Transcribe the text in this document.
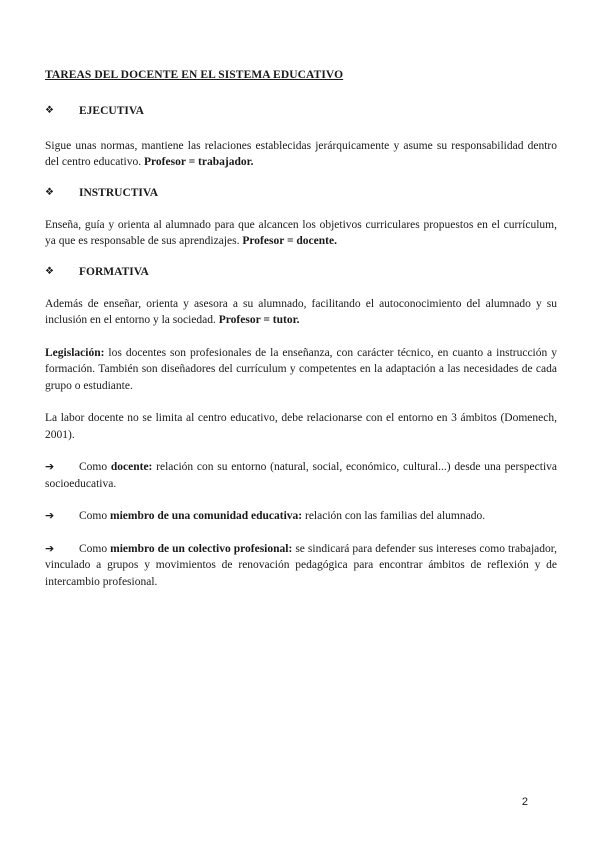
TAREAS DEL DOCENTE EN EL SISTEMA EDUCATIVO

❖	EJECUTIVA

Sigue unas normas, mantiene las relaciones establecidas jerárquicamente y asume su responsabilidad dentro del centro educativo. Profesor = trabajador.

❖	INSTRUCTIVA

Enseña, guía y orienta al alumnado para que alcancen los objetivos curriculares propuestos en el currículum, ya que es responsable de sus aprendizajes. Profesor = docente.

❖	FORMATIVA

Además de enseñar, orienta y asesora a su alumnado, facilitando el autoconocimiento del alumnado y su inclusión en el entorno y la sociedad. Profesor = tutor.

Legislación: los docentes son profesionales de la enseñanza, con carácter técnico, en cuanto a instrucción y formación. También son diseñadores del currículum y competentes en la adaptación a las necesidades de cada grupo o estudiante.

La labor docente no se limita al centro educativo, debe relacionarse con el entorno en 3 ámbitos (Domenech, 2001).

➔ Como docente: relación con su entorno (natural, social, económico, cultural...) desde una perspectiva socioeducativa.

➔ Como miembro de una comunidad educativa: relación con las familias del alumnado.

➔ Como miembro de un colectivo profesional: se sindicará para defender sus intereses como trabajador, vinculado a grupos y movimientos de renovación pedagógica para encontrar ámbitos de reflexión y de intercambio profesional.

2
